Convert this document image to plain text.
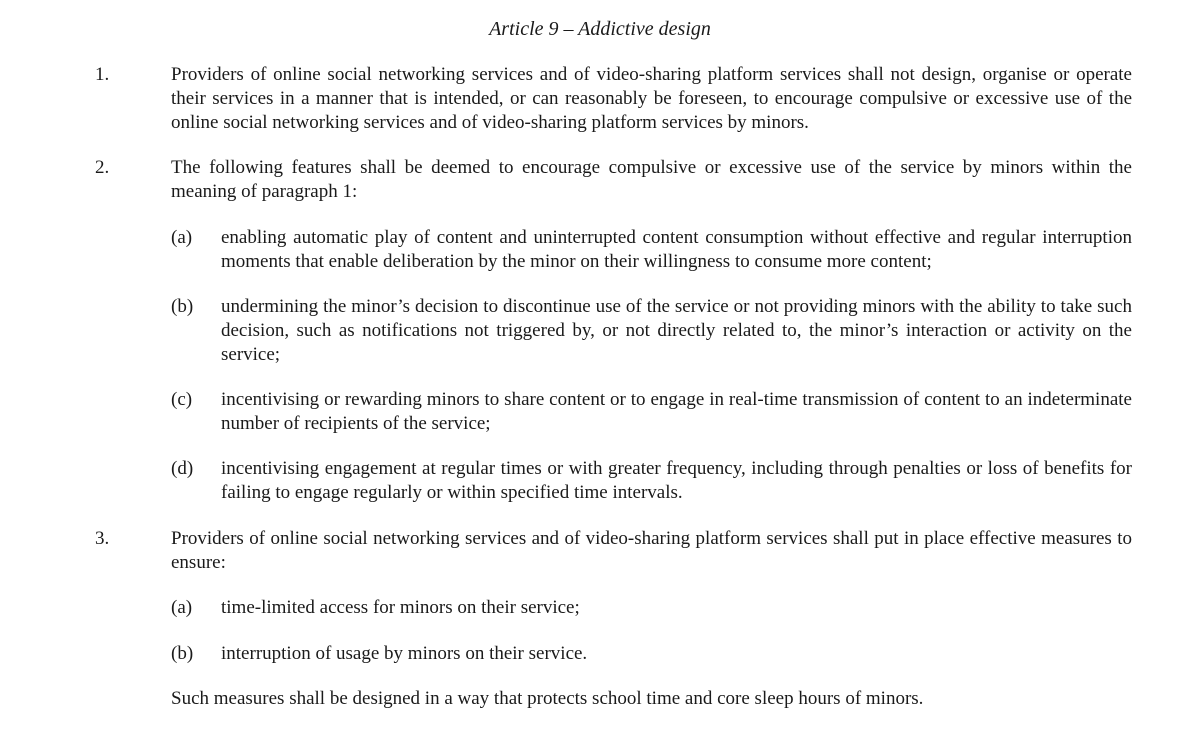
Article 9 – Addictive design
1.	Providers of online social networking services and of video-sharing platform services shall not design, organise or operate their services in a manner that is intended, or can reasonably be foreseen, to encourage compulsive or excessive use of the online social networking services and of video-sharing platform services by minors.
2.	The following features shall be deemed to encourage compulsive or excessive use of the service by minors within the meaning of paragraph 1:
(a) enabling automatic play of content and uninterrupted content consumption without effective and regular interruption moments that enable deliberation by the minor on their willingness to consume more content;
(b) undermining the minor’s decision to discontinue use of the service or not providing minors with the ability to take such decision, such as notifications not triggered by, or not directly related to, the minor’s interaction or activity on the service;
(c) incentivising or rewarding minors to share content or to engage in real-time transmission of content to an indeterminate number of recipients of the service;
(d) incentivising engagement at regular times or with greater frequency, including through penalties or loss of benefits for failing to engage regularly or within specified time intervals.
3.	Providers of online social networking services and of video-sharing platform services shall put in place effective measures to ensure:
(a) time-limited access for minors on their service;
(b) interruption of usage by minors on their service.
Such measures shall be designed in a way that protects school time and core sleep hours of minors.
